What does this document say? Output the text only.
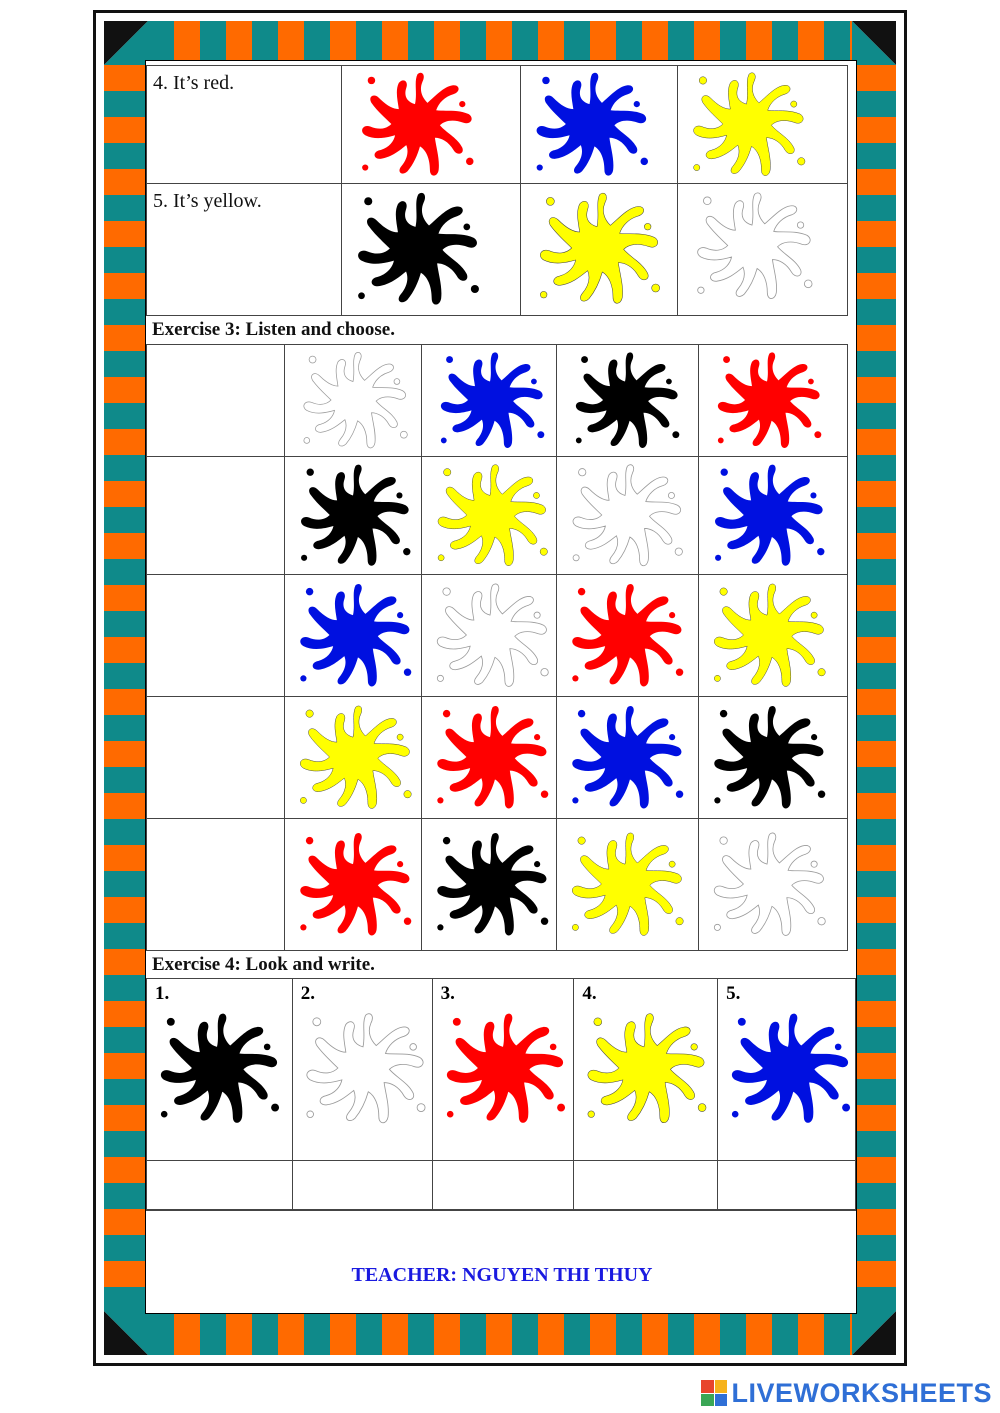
4. It’s red.

5. It’s yellow.

Exercise 3: Listen and choose.

Exercise 4: Look and write.
1.	2.	3.	4.	5.

TEACHER: NGUYEN THI THUY
LIVEWORKSHEETS
